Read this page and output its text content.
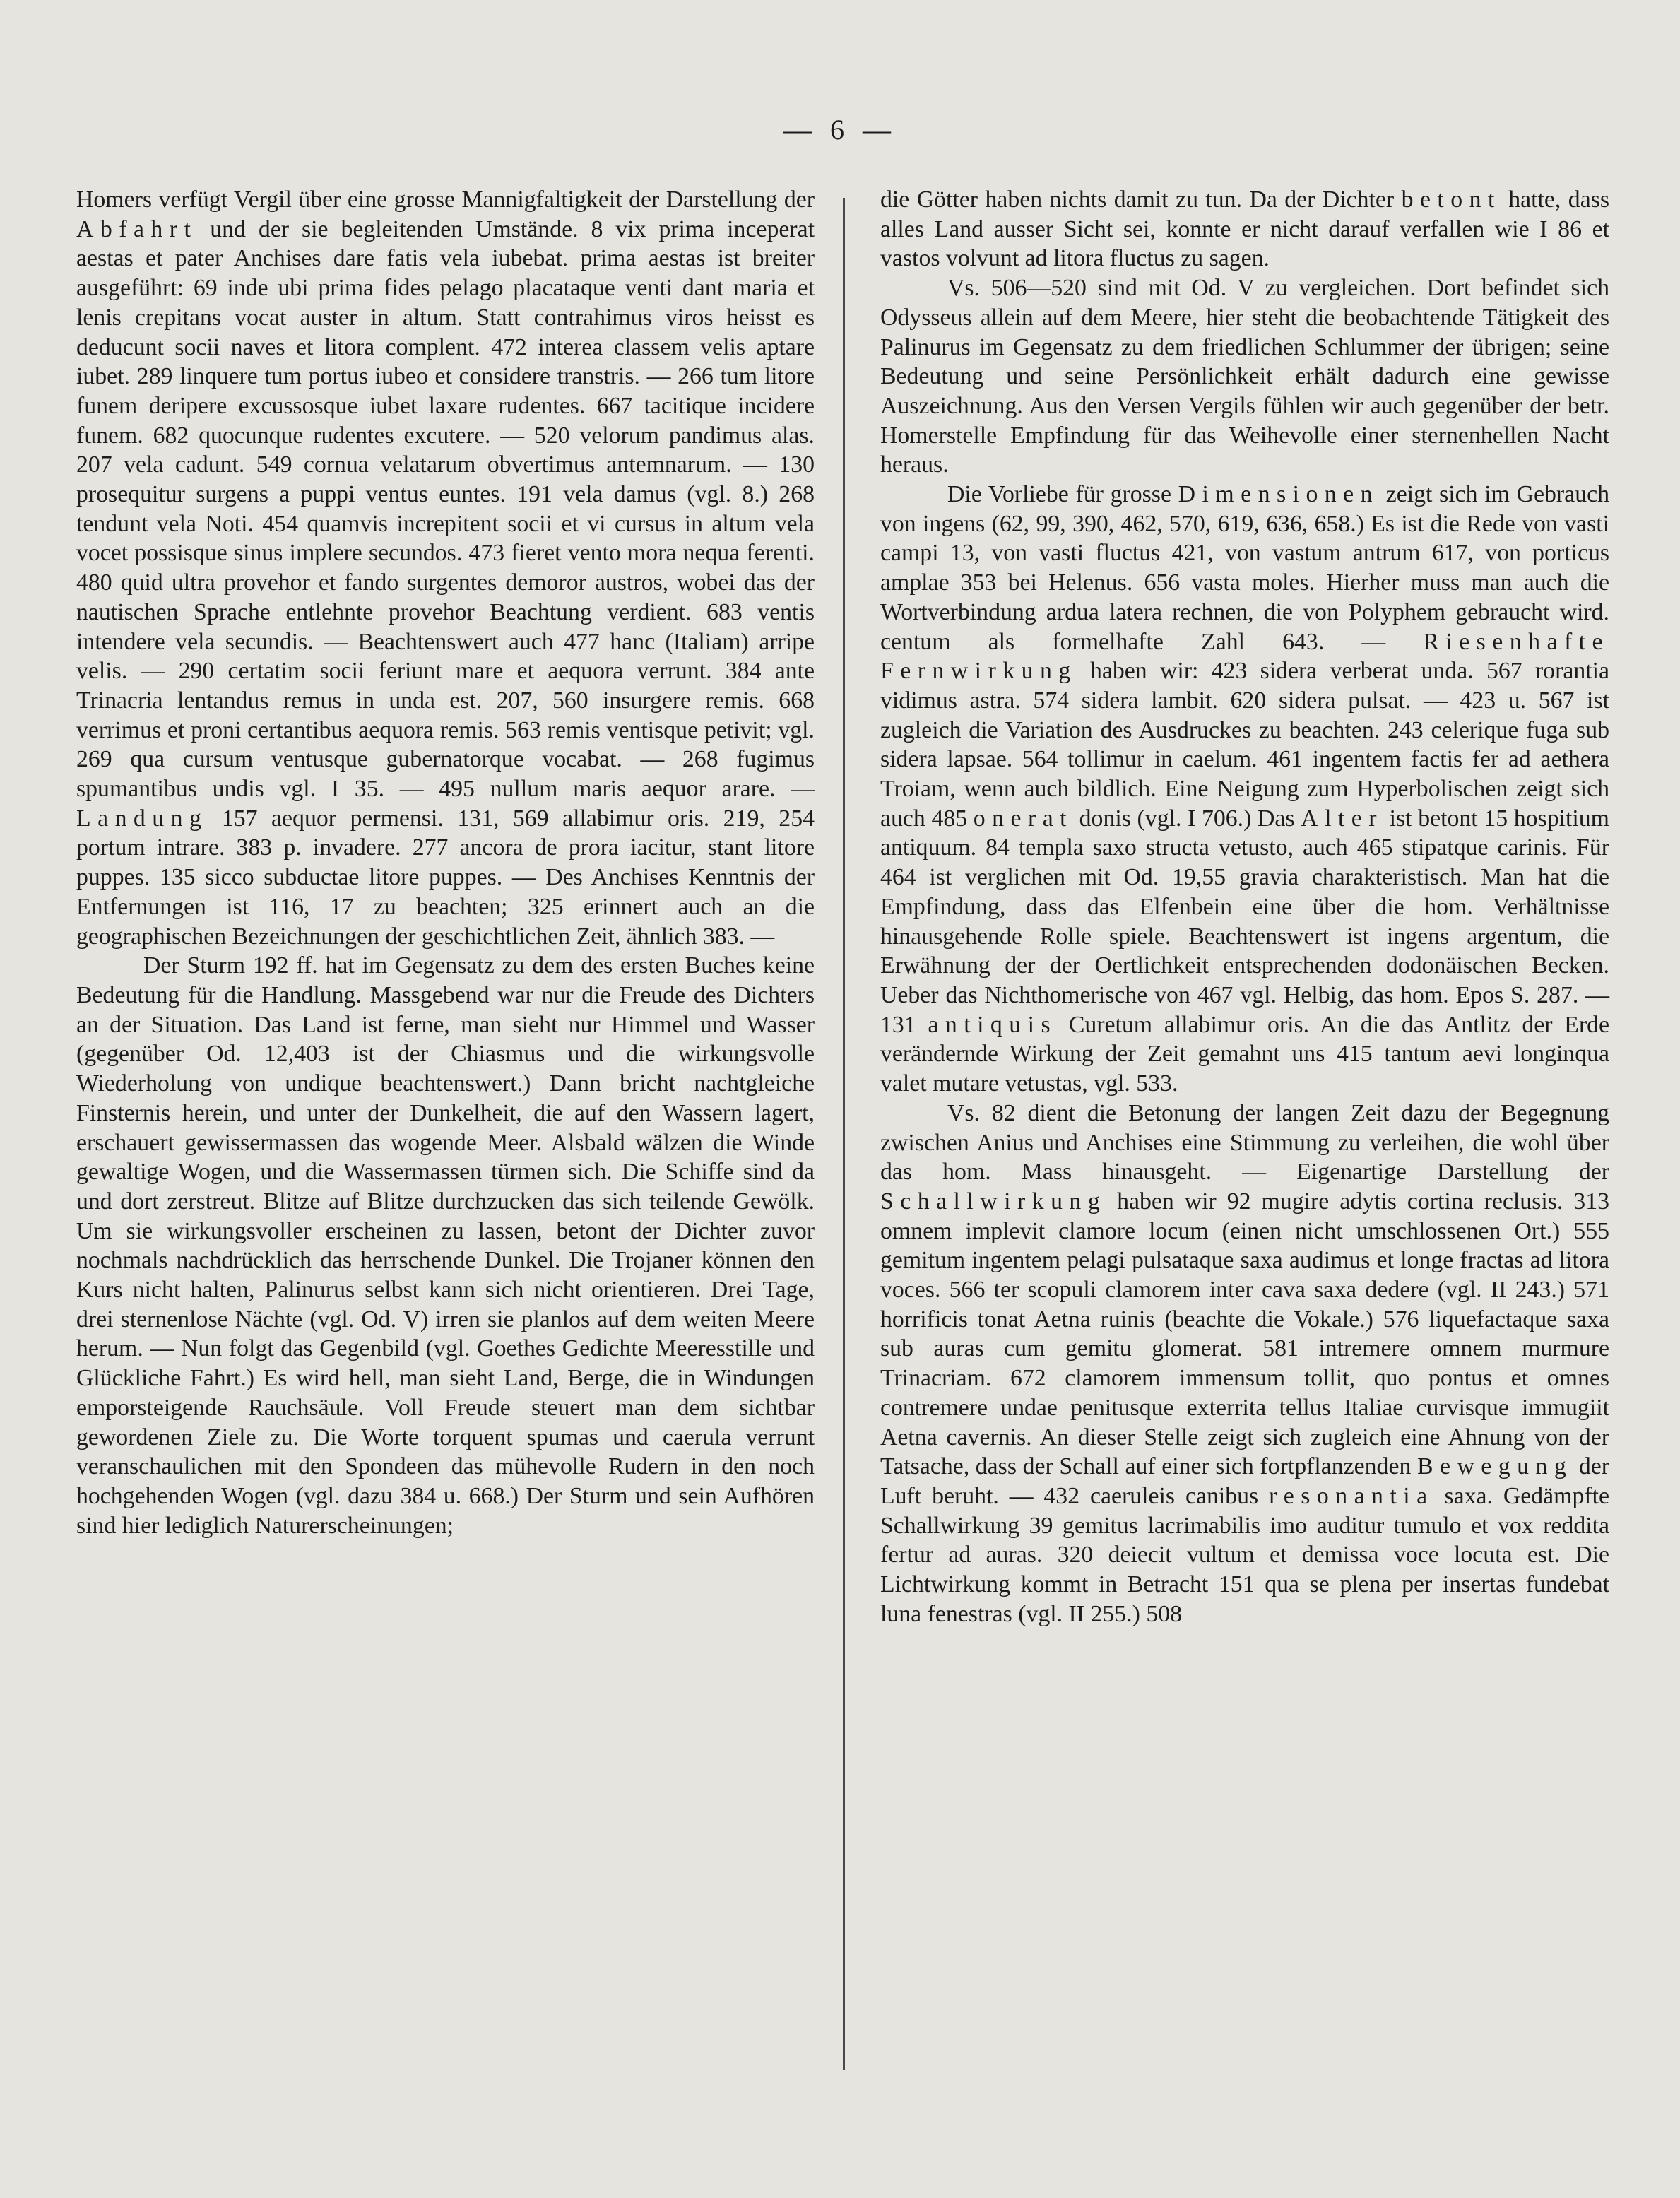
— 6 —

Homers verfügt Vergil über eine grosse Mannigfaltigkeit der Darstellung der Abfahrt und der sie begleitenden Umstände. 8 vix prima inceperat aestas et pater Anchises dare fatis vela iubebat. prima aestas ist breiter ausgeführt: 69 inde ubi prima fides pelago placataque venti dant maria et lenis crepitans vocat auster in altum. Statt contrahimus viros heisst es deducunt socii naves et litora complent. 472 interea classem velis aptare iubet. 289 linquere tum portus iubeo et considere transtris. — 266 tum litore funem deripere excussosque iubet laxare rudentes. 667 tacitique incidere funem. 682 quocunque rudentes excutere. — 520 velorum pandimus alas. 207 vela cadunt. 549 cornua velatarum obvertimus antemnarum. — 130 prosequitur surgens a puppi ventus euntes. 191 vela damus (vgl. 8.) 268 tendunt vela Noti. 454 quamvis increpitent socii et vi cursus in altum vela vocet possisque sinus implere secundos. 473 fieret vento mora nequa ferenti. 480 quid ultra provehor et fando surgentes demoror austros, wobei das der nautischen Sprache entlehnte provehor Beachtung verdient. 683 ventis intendere vela secundis. — Beachtenswert auch 477 hanc (Italiam) arripe velis. — 290 certatim socii feriunt mare et aequora verrunt. 384 ante Trinacria lentandus remus in unda est. 207, 560 insurgere remis. 668 verrimus et proni certantibus aequora remis. 563 remis ventisque petivit; vgl. 269 qua cursum ventusque gubernatorque vocabat. — 268 fugimus spumantibus undis vgl. I 35. — 495 nullum maris aequor arare. — Landung 157 aequor permensi. 131, 569 allabimur oris. 219, 254 portum intrare. 383 p. invadere. 277 ancora de prora iacitur, stant litore puppes. 135 sicco subductae litore puppes. — Des Anchises Kenntnis der Entfernungen ist 116, 17 zu beachten; 325 erinnert auch an die geographischen Bezeichnungen der geschichtlichen Zeit, ähnlich 383. —

Der Sturm 192 ff. hat im Gegensatz zu dem des ersten Buches keine Bedeutung für die Handlung. Massgebend war nur die Freude des Dichters an der Situation. Das Land ist ferne, man sieht nur Himmel und Wasser (gegenüber Od. 12,403 ist der Chiasmus und die wirkungsvolle Wiederholung von undique beachtenswert.) Dann bricht nachtgleiche Finsternis herein, und unter der Dunkelheit, die auf den Wassern lagert, erschauert gewissermassen das wogende Meer. Alsbald wälzen die Winde gewaltige Wogen, und die Wassermassen türmen sich. Die Schiffe sind da und dort zerstreut. Blitze auf Blitze durchzucken das sich teilende Gewölk. Um sie wirkungsvoller erscheinen zu lassen, betont der Dichter zuvor nochmals nachdrücklich das herrschende Dunkel. Die Trojaner können den Kurs nicht halten, Palinurus selbst kann sich nicht orientieren. Drei Tage, drei sternenlose Nächte (vgl. Od. V) irren sie planlos auf dem weiten Meere herum. — Nun folgt das Gegenbild (vgl. Goethes Gedichte Meeresstille und Glückliche Fahrt.) Es wird hell, man sieht Land, Berge, die in Windungen emporsteigende Rauchsäule. Voll Freude steuert man dem sichtbar gewordenen Ziele zu. Die Worte torquent spumas und caerula verrunt veranschaulichen mit den Spondeen das mühevolle Rudern in den noch hochgehenden Wogen (vgl. dazu 384 u. 668.) Der Sturm und sein Aufhören sind hier lediglich Naturerscheinungen;

die Götter haben nichts damit zu tun. Da der Dichter betont hatte, dass alles Land ausser Sicht sei, konnte er nicht darauf verfallen wie I 86 et vastos volvunt ad litora fluctus zu sagen.

Vs. 506—520 sind mit Od. V zu vergleichen. Dort befindet sich Odysseus allein auf dem Meere, hier steht die beobachtende Tätigkeit des Palinurus im Gegensatz zu dem friedlichen Schlummer der übrigen; seine Bedeutung und seine Persönlichkeit erhält dadurch eine gewisse Auszeichnung. Aus den Versen Vergils fühlen wir auch gegenüber der betr. Homerstelle Empfindung für das Weihevolle einer sternenhellen Nacht heraus.

Die Vorliebe für grosse Dimensionen zeigt sich im Gebrauch von ingens (62, 99, 390, 462, 570, 619, 636, 658.) Es ist die Rede von vasti campi 13, von vasti fluctus 421, von vastum antrum 617, von porticus amplae 353 bei Helenus. 656 vasta moles. Hierher muss man auch die Wortverbindung ardua latera rechnen, die von Polyphem gebraucht wird. centum als formelhafte Zahl 643. — Riesenhafte Fernwirkung haben wir: 423 sidera verberat unda. 567 rorantia vidimus astra. 574 sidera lambit. 620 sidera pulsat. — 423 u. 567 ist zugleich die Variation des Ausdruckes zu beachten. 243 celerique fuga sub sidera lapsae. 564 tollimur in caelum. 461 ingentem factis fer ad aethera Troiam, wenn auch bildlich. Eine Neigung zum Hyperbolischen zeigt sich auch 485 onerat donis (vgl. I 706.) Das Alter ist betont 15 hospitium antiquum. 84 templa saxo structa vetusto, auch 465 stipatque carinis. Für 464 ist verglichen mit Od. 19,55 gravia charakteristisch. Man hat die Empfindung, dass das Elfenbein eine über die hom. Verhältnisse hinausgehende Rolle spiele. Beachtenswert ist ingens argentum, die Erwähnung der der Oertlichkeit entsprechenden dodonäischen Becken. Ueber das Nichthomerische von 467 vgl. Helbig, das hom. Epos S. 287. — 131 antiquis Curetum allabimur oris. An die das Antlitz der Erde verändernde Wirkung der Zeit gemahnt uns 415 tantum aevi longinqua valet mutare vetustas, vgl. 533.

Vs. 82 dient die Betonung der langen Zeit dazu der Begegnung zwischen Anius und Anchises eine Stimmung zu verleihen, die wohl über das hom. Mass hinausgeht. — Eigenartige Darstellung der Schallwirkung haben wir 92 mugire adytis cortina reclusis. 313 omnem implevit clamore locum (einen nicht umschlossenen Ort.) 555 gemitum ingentem pelagi pulsataque saxa audimus et longe fractas ad litora voces. 566 ter scopuli clamorem inter cava saxa dedere (vgl. II 243.) 571 horrificis tonat Aetna ruinis (beachte die Vokale.) 576 liquefactaque saxa sub auras cum gemitu glomerat. 581 intremere omnem murmure Trinacriam. 672 clamorem immensum tollit, quo pontus et omnes contremere undae penitusque exterrita tellus Italiae curvisque immugiit Aetna cavernis. An dieser Stelle zeigt sich zugleich eine Ahnung von der Tatsache, dass der Schall auf einer sich fortpflanzenden Bewegung der Luft beruht. — 432 caeruleis canibus resonantia saxa. Gedämpfte Schallwirkung 39 gemitus lacrimabilis imo auditur tumulo et vox reddita fertur ad auras. 320 deiecit vultum et demissa voce locuta est. Die Lichtwirkung kommt in Betracht 151 qua se plena per insertas fundebat luna fenestras (vgl. II 255.) 508
